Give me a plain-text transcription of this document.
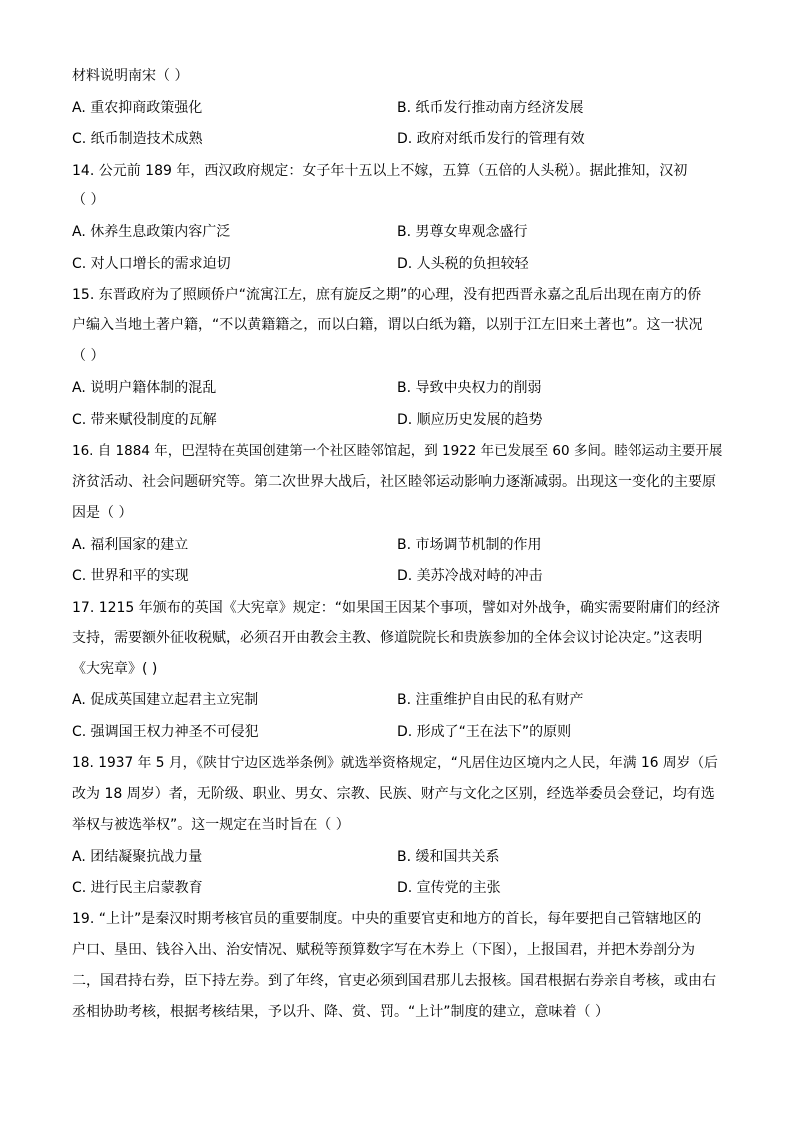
材料说明南宋（ ）
A. 重农抑商政策强化	B. 纸币发行推动南方经济发展
C. 纸币制造技术成熟	D. 政府对纸币发行的管理有效
14. 公元前 189 年，西汉政府规定：女子年十五以上不嫁，五算（五倍的人头税）。据此推知，汉初
（ ）
A. 休养生息政策内容广泛	B. 男尊女卑观念盛行
C. 对人口增长的需求迫切	D. 人头税的负担较轻
15. 东晋政府为了照顾侨户“流寓江左，庶有旋反之期”的心理，没有把西晋永嘉之乱后出现在南方的侨
户编入当地土著户籍，“不以黄籍籍之，而以白籍，谓以白纸为籍，以别于江左旧来土著也”。这一状况
（ ）
A. 说明户籍体制的混乱	B. 导致中央权力的削弱
C. 带来赋役制度的瓦解	D. 顺应历史发展的趋势
16. 自 1884 年，巴涅特在英国创建第一个社区睦邻馆起，到 1922 年已发展至 60 多间。睦邻运动主要开展
济贫活动、社会问题研究等。第二次世界大战后，社区睦邻运动影响力逐渐减弱。出现这一变化的主要原
因是（ ）
A. 福利国家的建立	B. 市场调节机制的作用
C. 世界和平的实现	D. 美苏冷战对峙的冲击
17. 1215 年颁布的英国《大宪章》规定：“如果国王因某个事项，譬如对外战争，确实需要附庸们的经济
支持，需要额外征收税赋，必须召开由教会主教、修道院院长和贵族参加的全体会议讨论决定。”这表明
《大宪章》( )
A. 促成英国建立起君主立宪制	B. 注重维护自由民的私有财产
C. 强调国王权力神圣不可侵犯	D. 形成了“王在法下”的原则
18. 1937 年 5 月，《陕甘宁边区选举条例》就选举资格规定，“凡居住边区境内之人民，年满 16 周岁（后
改为 18 周岁）者，无阶级、职业、男女、宗教、民族、财产与文化之区别，经选举委员会登记，均有选
举权与被选举权”。这一规定在当时旨在（ ）
A. 团结凝聚抗战力量	B. 缓和国共关系
C. 进行民主启蒙教育	D. 宣传党的主张
19. “上计”是秦汉时期考核官员的重要制度。中央的重要官吏和地方的首长，每年要把自己管辖地区的
户口、垦田、钱谷入出、治安情况、赋税等预算数字写在木券上（下图），上报国君，并把木券剖分为
二，国君持右券，臣下持左券。到了年终，官吏必须到国君那儿去报核。国君根据右券亲自考核，或由右
丞相协助考核，根据考核结果，予以升、降、赏、罚。“上计”制度的建立，意味着（ ）
